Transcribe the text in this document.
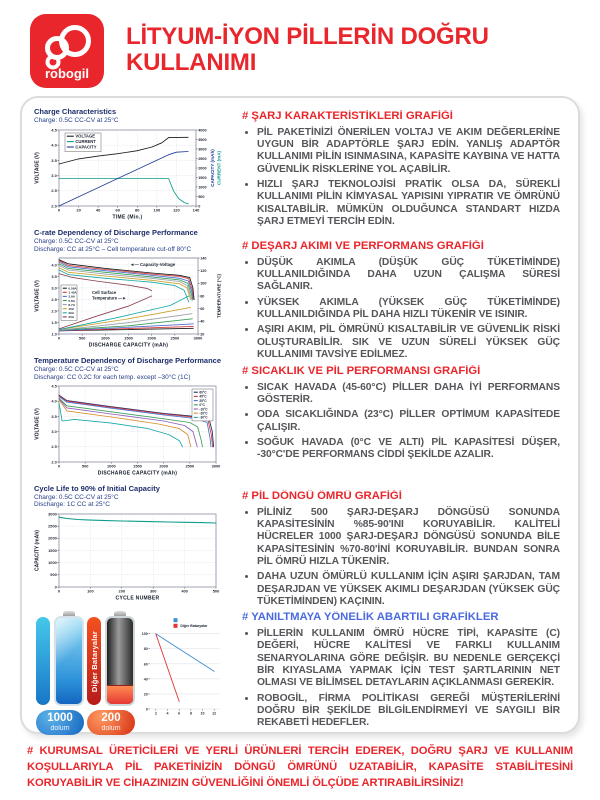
robogil
LİTYUM-İYON PİLLERİN DOĞRU KULLANIMI
Charge Characteristics
Charge: 0.5C CC-CV at 25°C
0	20	40	60	80	100	120	140
2.0
2.5
3.0
3.5
4.0
4.5
0
500
1000
1500
2000
2500
3000
3500
4000
TIME (Min.)
VOLTAGE (V)	CAPACITY (mAh) CURRENT (mA)
VOLTAGE
CURRENT
CAPACITY
C-rate Dependency of Discharge Performance
Charge: 0.5C CC-CV at 25°C
Discharge: CC at 25°C – Cell temperature cut-off 80°C
0	500	1000	1500	2000	2500	3000
1.0
1.5
2.0
2.5
3.0
3.5
4.0
20
40
60
80
100
120
140
DISCHARGE CAPACITY (mAh)
VOLTAGE (V)	TEMPERATURE (°C)
0.58A
1.45A
2.9A
5.8A
8.7A
15A
20A
25A
◄— Capacity-Voltage
Cell Surface
Temperature —►
Temperature Dependency of Discharge Performance
Charge: 0.5C CC-CV at 25°C
Discharge: CC 0.2C for each temp. except –30°C (1C)
0	500	1000	1500	2000	2500	3000
2.0
2.5
3.0
3.5
4.0
4.5
DISCHARGE CAPACITY (mAh)
VOLTAGE (V)
60°C
45°C
25°C
0°C
-10°C
-20°C
-30°C
Cycle Life to 90% of Initial Capacity
Charge: 0.5C CC-CV at 25°C
Discharge: 1C CC at 25°C
0	100	200	300	400	500
0
500
1000
1500
2000
2500
3000
CYCLE NUMBER
CAPACITY (mAh)
Diğer Bataryalar
1000
dolum
200
dolum
2	4	6	8 10 12
0
20
40
60
80
100
Diğer Bataryalar
# ŞARJ KARAKTERİSTİKLERİ GRAFİĞİ
• PİL PAKETİNİZİ ÖNERİLEN VOLTAJ VE AKIM DEĞERLERİNE UYGUN BİR ADAPTÖRLE ŞARJ EDİN. YANLIŞ ADAPTÖR KULLANIMI PİLİN ISINMASINA, KAPASİTE KAYBINA VE HATTA GÜVENLİK RİSKLERİNE YOL AÇABİLİR.
• HIZLI ŞARJ TEKNOLOJİSİ PRATİK OLSA DA, SÜREKLİ KULLANIMI PİLİN KİMYASAL YAPISINI YIPRATIR VE ÖMRÜNÜ KISALTABİLİR. MÜMKÜN OLDUĞUNCA STANDART HIZDA ŞARJ ETMEYİ TERCİH EDİN.
# DEŞARJ AKIMI VE PERFORMANS GRAFİĞİ
• DÜŞÜK AKIMLA (DÜŞÜK GÜÇ TÜKETİMİNDE) KULLANILDIĞINDA DAHA UZUN ÇALIŞMA SÜRESİ SAĞLANIR.
• YÜKSEK AKIMLA (YÜKSEK GÜÇ TÜKETİMİNDE) KULLANILDIĞINDA PİL DAHA HIZLI TÜKENİR VE ISINIR.
• AŞIRI AKIM, PİL ÖMRÜNÜ KISALTABİLİR VE GÜVENLİK RİSKİ OLUŞTURABİLİR. SIK VE UZUN SÜRELİ YÜKSEK GÜÇ KULLANIMI TAVSİYE EDİLMEZ.
# SICAKLIK VE PİL PERFORMANSI GRAFİĞİ
• SICAK HAVADA (45-60°C) PİLLER DAHA İYİ PERFORMANS GÖSTERİR.
• ODA SICAKLIĞINDA (23°C) PİLLER OPTİMUM KAPASİTEDE ÇALIŞIR.
• SOĞUK HAVADA (0°C VE ALTI) PİL KAPASİTESİ DÜŞER, -30°C'DE PERFORMANS CİDDİ ŞEKİLDE AZALIR.
# PİL DÖNGÜ ÖMRÜ GRAFİĞİ
• PİLİNİZ 500 ŞARJ-DEŞARJ DÖNGÜSÜ SONUNDA KAPASİTESİNİN %85-90'INI KORUYABİLİR. KALİTELİ HÜCRELER 1000 ŞARJ-DEŞARJ DÖNGÜSÜ SONUNDA BİLE KAPASİTESİNİN %70-80'İNİ KORUYABİLİR. BUNDAN SONRA PİL ÖMRÜ HIZLA TÜKENİR.
• DAHA UZUN ÖMÜRLÜ KULLANIM İÇİN AŞIRI ŞARJDAN, TAM DEŞARJDAN VE YÜKSEK AKIMLI DEŞARJDAN (YÜKSEK GÜÇ TÜKETİMİNDEN) KAÇININ.
# YANILTMAYA YÖNELİK ABARTILI GRAFİKLER
• PİLLERİN KULLANIM ÖMRÜ HÜCRE TİPİ, KAPASİTE (C) DEĞERİ, HÜCRE KALİTESİ VE FARKLI KULLANIM SENARYOLARINA GÖRE DEĞİŞİR. BU NEDENLE GERÇEKÇİ BİR KIYASLAMA YAPMAK İÇİN TEST ŞARTLARININ NET OLMASI VE BİLİMSEL DETAYLARIN AÇIKLANMASI GEREKİR.
• ROBOGİL, FİRMA POLİTİKASI GEREĞİ MÜŞTERİLERİNİ DOĞRU BİR ŞEKİLDE BİLGİLENDİRMEYİ VE SAYGILI BİR REKABETİ HEDEFLER.
# KURUMSAL ÜRETİCİLERİ VE YERLİ ÜRÜNLERİ TERCİH EDEREK, DOĞRU ŞARJ VE KULLANIM KOŞULLARIYLA PİL PAKETİNİZİN DÖNGÜ ÖMRÜNÜ UZATABİLİR, KAPASİTE STABİLİTESİNİ KORUYABİLİR VE CİHAZINIZIN GÜVENLİĞİNİ ÖNEMLİ ÖLÇÜDE ARTIRABİLİRSİNİZ!
